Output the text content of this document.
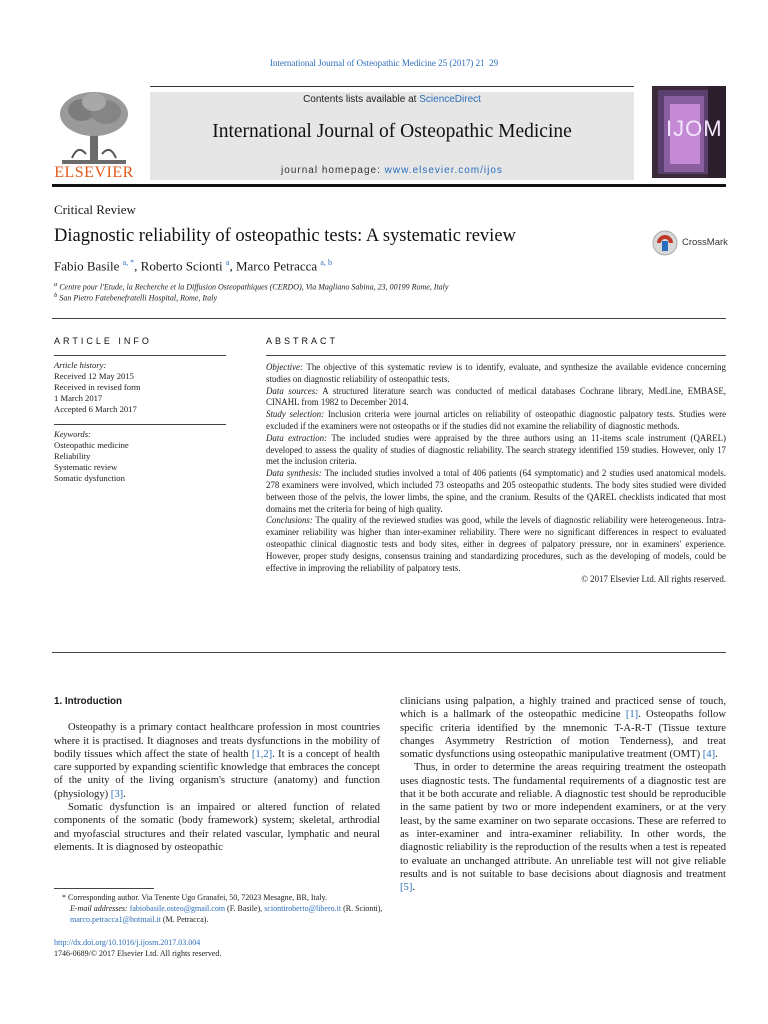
International Journal of Osteopathic Medicine 25 (2017) 21 29
ELSEVIER
Contents lists available at ScienceDirect
International Journal of Osteopathic Medicine
journal homepage: www.elsevier.com/ijos
IJOM
Critical Review
Diagnostic reliability of osteopathic tests: A systematic review	CrossMark
Fabio Basile $^{a, *}$, Roberto Scionti $^a$, Marco Petracca $^{a, b}$
$^a$ Centre pour l'Etude, la Recherche et la Diffusion Osteopathiques (CERDO), Via Magliano Sabina, 23, 00199 Rome, Italy
$^b$ San Pietro Fatebenefratelli Hospital, Rome, Italy
ARTICLE INFO
Article history:
Received 12 May 2015
Received in revised form
1 March 2017
Accepted 6 March 2017
Keywords:
Osteopathic medicine
Reliability
Systematic review
Somatic dysfunction
ABSTRACT
Objective: The objective of this systematic review is to identify, evaluate, and synthesize the available evidence concerning studies on diagnostic reliability of osteopathic tests.
Data sources: A structured literature search was conducted of medical databases Cochrane library, MedLine, EMBASE, CINAHL from 1982 to December 2014.
Study selection: Inclusion criteria were journal articles on reliability of osteopathic diagnostic palpatory tests. Studies were excluded if the examiners were not osteopaths or if the studies did not examine the reliability of diagnostic methods.
Data extraction: The included studies were appraised by the three authors using an 11-items scale instrument (QAREL) developed to assess the quality of studies of diagnostic reliability. The search strategy identified 159 studies. However, only 17 met the inclusion criteria.
Data synthesis: The included studies involved a total of 406 patients (64 symptomatic) and 2 studies used anatomical models. 278 examiners were involved, which included 73 osteopaths and 205 osteopathic students. The body sites studied were divided between those of the pelvis, the lower limbs, the spine, and the cranium. Results of the QAREL checklists indicated that most domains met the criteria for being of high quality.
Conclusions: The quality of the reviewed studies was good, while the levels of diagnostic reliability were heterogeneous. Intra-examiner reliability was higher than inter-examiner reliability. There were no significant differences in respect to evaluated osteopathic clinical diagnostic tests and body sites, either in degrees of palpatory pressure, nor in examiners' experience. However, proper study designs, consensus training and standardizing procedures, such as the developing of models, could be effective in improving the reliability of palpatory tests.
© 2017 Elsevier Ltd. All rights reserved.
1. Introduction

Osteopathy is a primary contact healthcare profession in most countries where it is practised. It diagnoses and treats dysfunctions in the mobility of bodily tissues which affect the state of health [1,2]. It is a concept of health care supported by expanding scientific knowledge that embraces the concept of the unity of the living organism's structure (anatomy) and function (physiology) [3].

Somatic dysfunction is an impaired or altered function of related components of the somatic (body framework) system; skeletal, arthrodial and myofascial structures and their related vascular, lymphatic and neural elements. It is diagnosed by osteopathic

clinicians using palpation, a highly trained and practiced sense of touch, which is a hallmark of the osteopathic medicine [1]. Osteopaths follow specific criteria identified by the mnemonic T-A-R-T (Tissue texture changes Asymmetry Restriction of motion Tenderness), and treat somatic dysfunctions using osteopathic manipulative treatment (OMT) [4].

Thus, in order to determine the areas requiring treatment the osteopath uses diagnostic tests. The fundamental requirements of a diagnostic test are that it be both accurate and reliable. A diagnostic test should be reproducible in the same patient by two or more independent examiners, or at the very least, by the same examiner on two separate occasions. These are referred to as inter-examiner and intra-examiner reliability. In other words, the diagnostic reliability is the reproduction of the results when a test is repeated to evaluate an unchanged attribute. An unreliable test will not give reliable results and is not suitable to base decisions about diagnosis and treatment [5].

* Corresponding author. Via Tenente Ugo Granafei, 50, 72023 Mesagne, BR, Italy.
E-mail addresses: fabiobasile.osteo@gmail.com (F. Basile), sciontiroberto@libero.it (R. Scionti), marco.petracca1@hotmail.it (M. Petracca).
http://dx.doi.org/10.1016/j.ijosm.2017.03.004
1746-0689/© 2017 Elsevier Ltd. All rights reserved.
